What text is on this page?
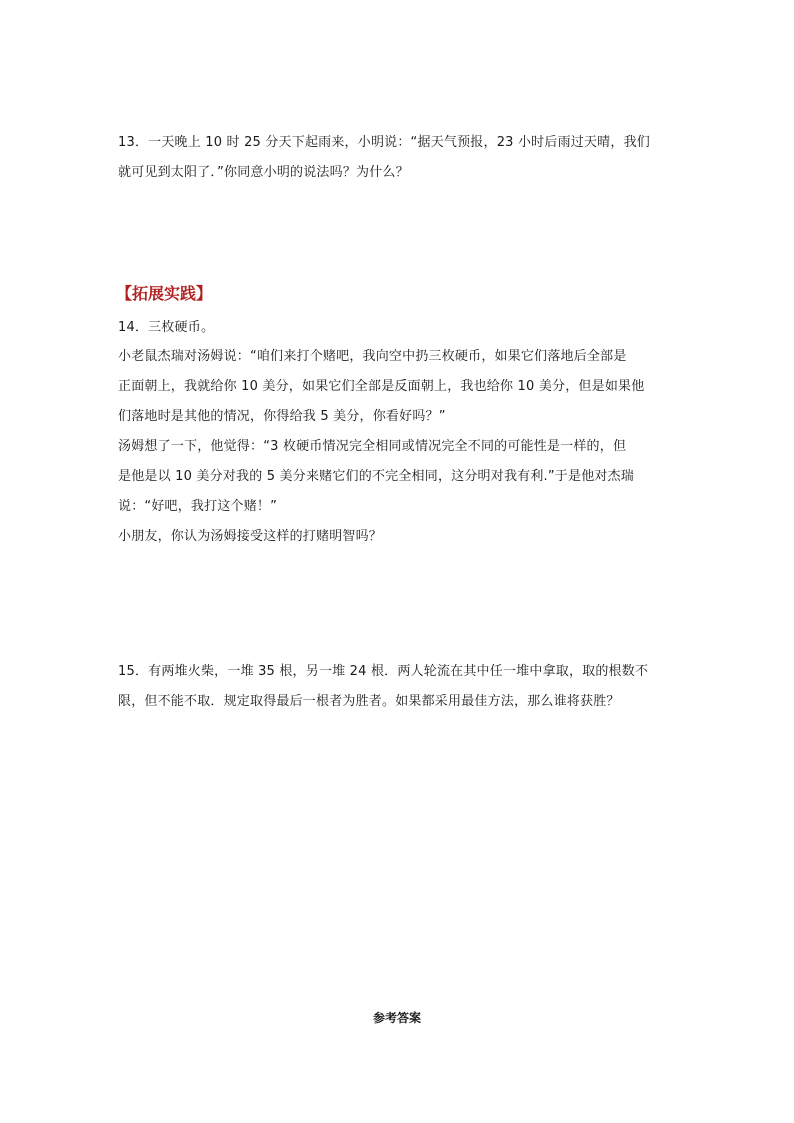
13．一天晚上 10 时 25 分天下起雨来，小明说：“据天气预报，23 小时后雨过天晴，我们
就可见到太阳了．”你同意小明的说法吗？为什么？
【拓展实践】
14．三枚硬币。
小老鼠杰瑞对汤姆说：“咱们来打个赌吧，我向空中扔三枚硬币，如果它们落地后全部是
正面朝上，我就给你 10 美分，如果它们全部是反面朝上，我也给你 10 美分，但是如果他
们落地时是其他的情况，你得给我 5 美分，你看好吗？”
汤姆想了一下，他觉得：“3 枚硬币情况完全相同或情况完全不同的可能性是一样的，但
是他是以 10 美分对我的 5 美分来赌它们的不完全相同，这分明对我有利.”于是他对杰瑞
说：“好吧，我打这个赌！”
小朋友，你认为汤姆接受这样的打赌明智吗？
15．有两堆火柴，一堆 35 根，另一堆 24 根．两人轮流在其中任一堆中拿取，取的根数不
限，但不能不取．规定取得最后一根者为胜者。如果都采用最佳方法，那么谁将获胜？
参考答案
